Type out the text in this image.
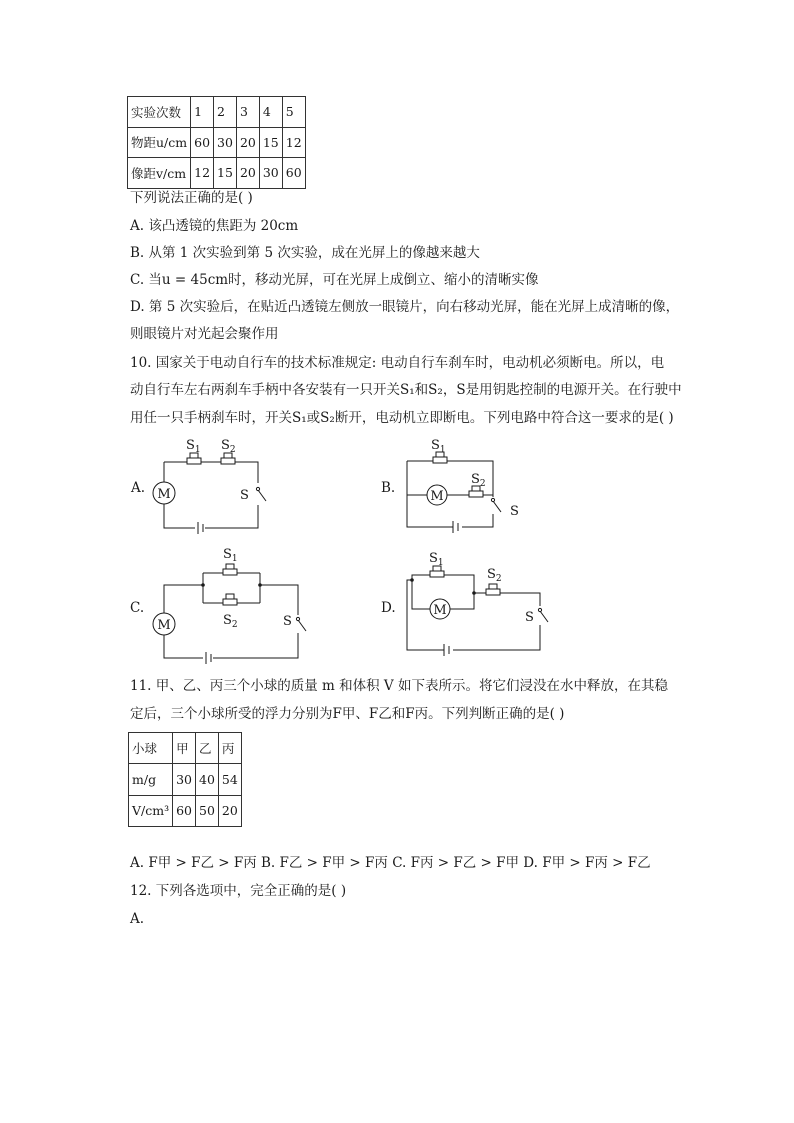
实验次数	1	2	3	4	5
物距u/cm	60	30	20	15	12
像距v/cm	12	15	20	30	60
下列说法正确的是( )
A. 该凸透镜的焦距为 20cm
B. 从第 1 次实验到第 5 次实验，成在光屏上的像越来越大
C. 当u = 45cm时，移动光屏，可在光屏上成倒立、缩小的清晰实像
D. 第 5 次实验后，在贴近凸透镜左侧放一眼镜片，向右移动光屏，能在光屏上成清晰的像，
则眼镜片对光起会聚作用
10. 国家关于电动自行车的技术标准规定: 电动自行车刹车时，电动机必须断电。所以，电
动自行车左右两刹车手柄中各安装有一只开关S₁和S₂，S是用钥匙控制的电源开关。在行驶中
用任一只手柄刹车时，开关S₁或S₂断开，电动机立即断电。下列电路中符合这一要求的是( )
A.	B.
C.	D.
M
$S_1$ $S_2$
S	M
$S_1$
$S_2$
S
M
$S_1$
$S_2$	S
M
$S_1$
$S_2$
S
11. 甲、乙、丙三个小球的质量 m 和体积 V 如下表所示。将它们浸没在水中释放，在其稳
定后，三个小球所受的浮力分别为F甲、F乙和F丙。下列判断正确的是( )
小球	甲	乙	丙
m/g	30	40	54
V/cm³	60	50	20
A. F甲 > F乙 > F丙 B. F乙 > F甲 > F丙 C. F丙 > F乙 > F甲 D. F甲 > F丙 > F乙
12. 下列各选项中，完全正确的是( )
A.
